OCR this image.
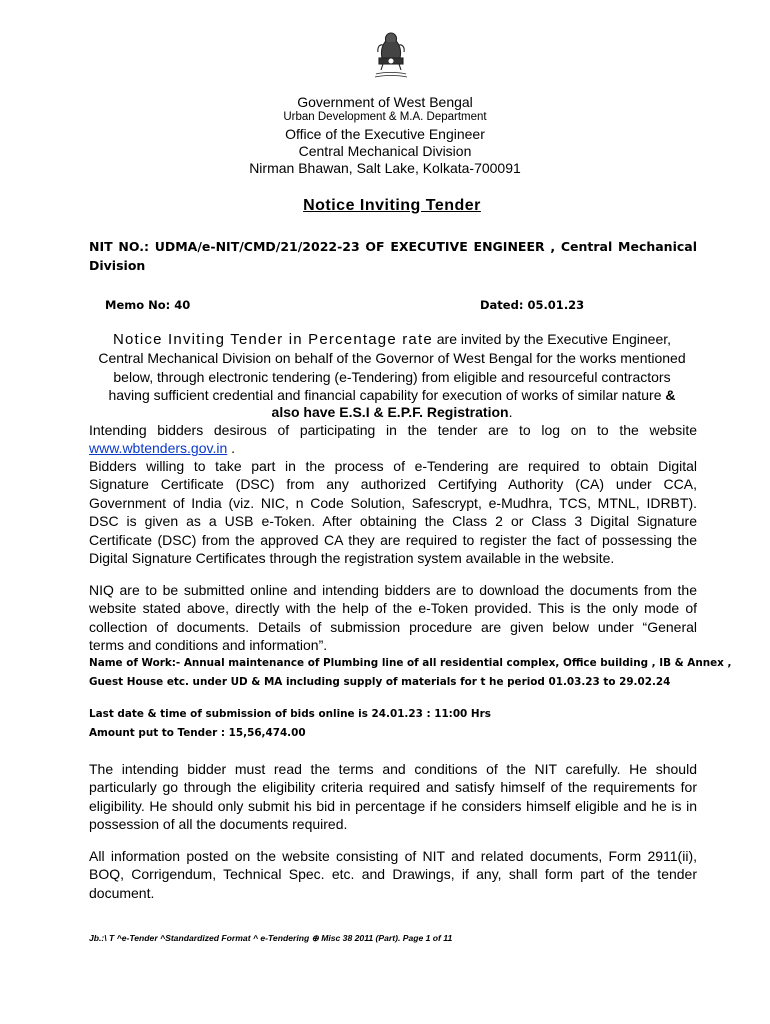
Government of West Bengal
Urban Development & M.A. Department
Office of the Executive Engineer
Central Mechanical Division
Nirman Bhawan, Salt Lake, Kolkata-700091
Notice Inviting Tender
NIT NO.: UDMA/e-NIT/CMD/21/2022-23 OF EXECUTIVE ENGINEER , Central Mechanical
Division
Memo No: 40	Dated: 05.01.23
Notice Inviting Tender in Percentage rate are invited by the Executive Engineer,
Central Mechanical Division on behalf of the Governor of West Bengal for the works mentioned
below, through electronic tendering (e-Tendering) from eligible and resourceful contractors
having sufficient credential and financial capability for execution of works of similar nature &
also have E.S.I & E.P.F. Registration.
Intending bidders desirous of participating in the tender are to log on to the website
www.wbtenders.gov.in .
Bidders willing to take part in the process of e-Tendering are required to obtain Digital
Signature Certificate (DSC) from any authorized Certifying Authority (CA) under CCA,
Government of India (viz. NIC, n Code Solution, Safescrypt, e-Mudhra, TCS, MTNL, IDRBT).
DSC is given as a USB e-Token. After obtaining the Class 2 or Class 3 Digital Signature
Certificate (DSC) from the approved CA they are required to register the fact of possessing the
Digital Signature Certificates through the registration system available in the website.
NIQ are to be submitted online and intending bidders are to download the documents from the
website stated above, directly with the help of the e-Token provided. This is the only mode of
collection of documents. Details of submission procedure are given below under “General
terms and conditions and information”.
Name of Work:- Annual maintenance of Plumbing line of all residential complex, Office building , IB & Annex ,
Guest House etc. under UD & MA including supply of materials for t he period 01.03.23 to 29.02.24
Last date & time of submission of bids online is 24.01.23 : 11:00 Hrs
Amount put to Tender : 15,56,474.00
The intending bidder must read the terms and conditions of the NIT carefully. He should
particularly go through the eligibility criteria required and satisfy himself of the requirements for
eligibility. He should only submit his bid in percentage if he considers himself eligible and he is in
possession of all the documents required.
All information posted on the website consisting of NIT and related documents, Form 2911(ii),
BOQ, Corrigendum, Technical Spec. etc. and Drawings, if any, shall form part of the tender
document.
Jb.:\ T ^e-Tender ^Standardized Format ^ e-Tendering ⊕ Misc 38 2011 (Part). Page 1 of 11
